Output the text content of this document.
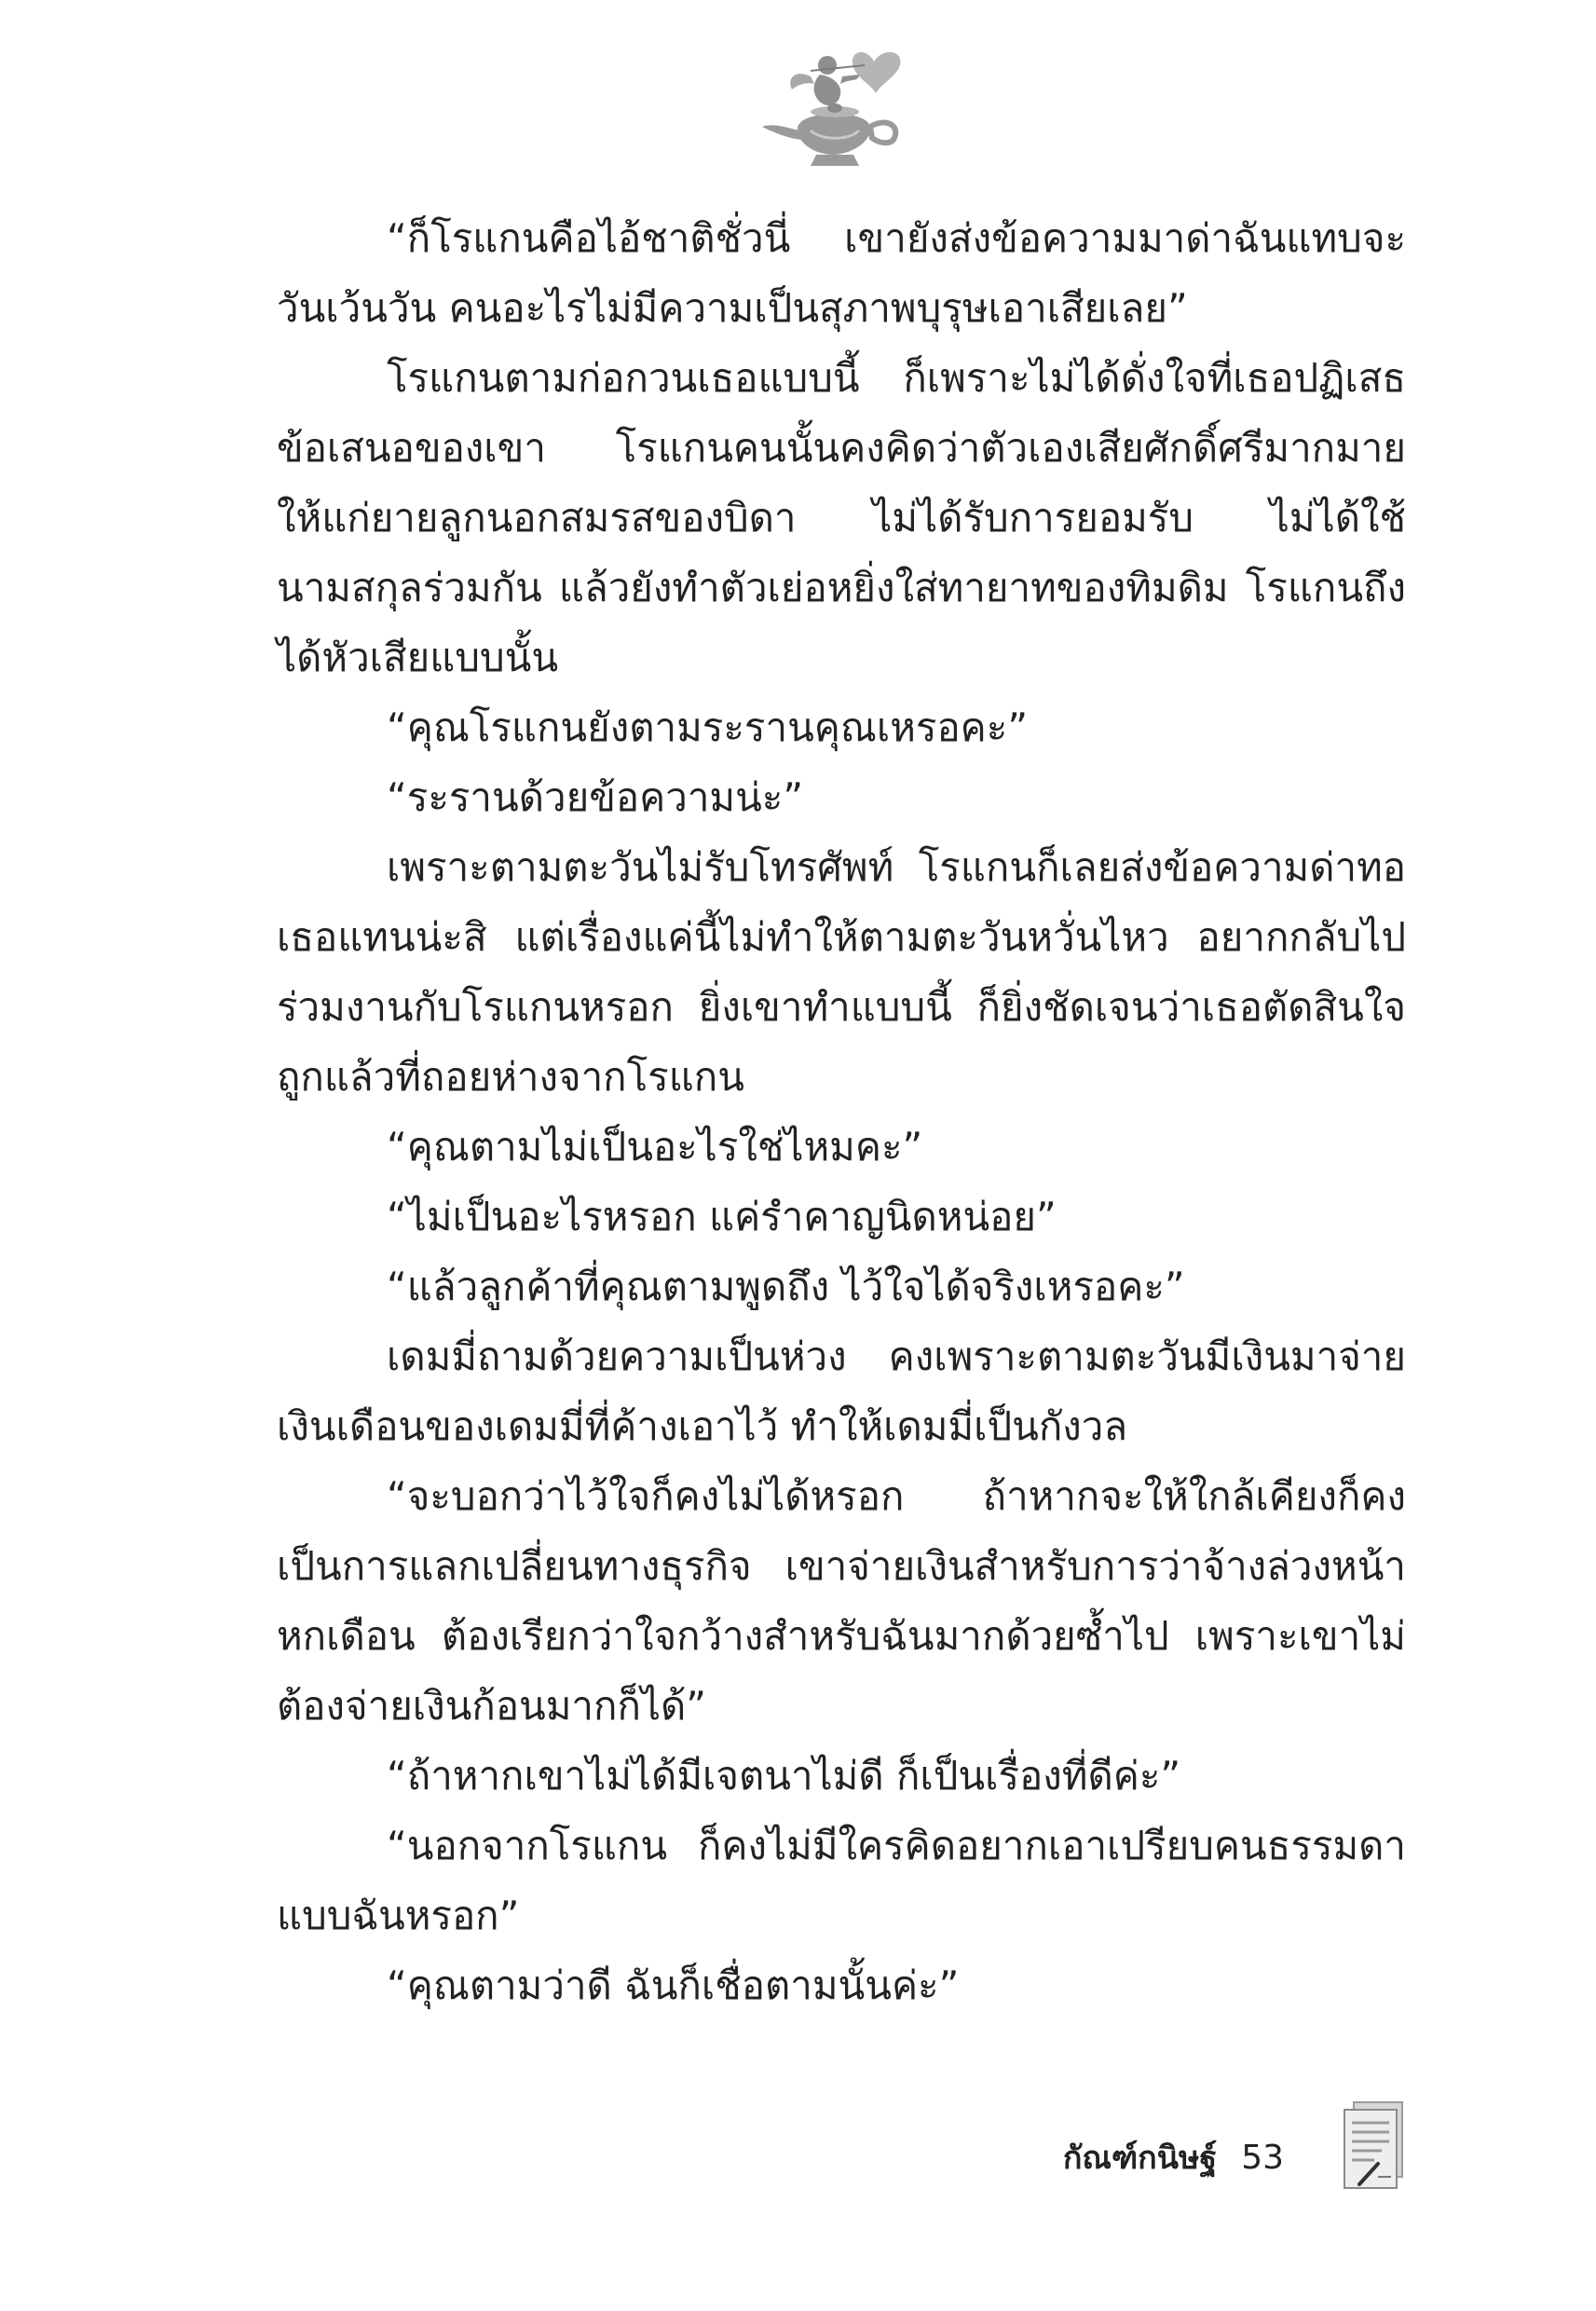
“ก็โรแกนคือไอ้ชาติชั่วนี่ เขายังส่งข้อความมาด่าฉันแทบจะวันเว้นวัน คนอะไรไม่มีความเป็นสุภาพบุรุษเอาเสียเลย”

โรแกนตามก่อกวนเธอแบบนี้ ก็เพราะไม่ได้ดั่งใจที่เธอปฏิเสธข้อเสนอของเขา โรแกนคนนั้นคงคิดว่าตัวเองเสียศักดิ์ศรีมากมาย ให้แก่ยายลูกนอกสมรสของบิดา ไม่ได้รับการยอมรับ ไม่ได้ใช้นามสกุลร่วมกัน แล้วยังทำตัวเย่อหยิ่งใส่ทายาทของทิมดิม โรแกนถึงได้หัวเสียแบบนั้น

“คุณโรแกนยังตามระรานคุณเหรอคะ”

“ระรานด้วยข้อความน่ะ”

เพราะตามตะวันไม่รับโทรศัพท์ โรแกนก็เลยส่งข้อความด่าทอเธอแทนน่ะสิ แต่เรื่องแค่นี้ไม่ทำให้ตามตะวันหวั่นไหว อยากกลับไปร่วมงานกับโรแกนหรอก ยิ่งเขาทำแบบนี้ ก็ยิ่งชัดเจนว่าเธอตัดสินใจถูกแล้วที่ถอยห่างจากโรแกน

“คุณตามไม่เป็นอะไรใช่ไหมคะ”

“ไม่เป็นอะไรหรอก แค่รำคาญนิดหน่อย”

“แล้วลูกค้าที่คุณตามพูดถึง ไว้ใจได้จริงเหรอคะ”

เดมมี่ถามด้วยความเป็นห่วง คงเพราะตามตะวันมีเงินมาจ่ายเงินเดือนของเดมมี่ที่ค้างเอาไว้ ทำให้เดมมี่เป็นกังวล

“จะบอกว่าไว้ใจก็คงไม่ได้หรอก ถ้าหากจะให้ใกล้เคียงก็คงเป็นการแลกเปลี่ยนทางธุรกิจ เขาจ่ายเงินสำหรับการว่าจ้างล่วงหน้าหกเดือน ต้องเรียกว่าใจกว้างสำหรับฉันมากด้วยซ้ำไป เพราะเขาไม่ต้องจ่ายเงินก้อนมากก็ได้”

“ถ้าหากเขาไม่ได้มีเจตนาไม่ดี ก็เป็นเรื่องที่ดีค่ะ”

“นอกจากโรแกน ก็คงไม่มีใครคิดอยากเอาเปรียบคนธรรมดาแบบฉันหรอก”

“คุณตามว่าดี ฉันก็เชื่อตามนั้นค่ะ”

กัณฑ์กนิษฐ์ 53
